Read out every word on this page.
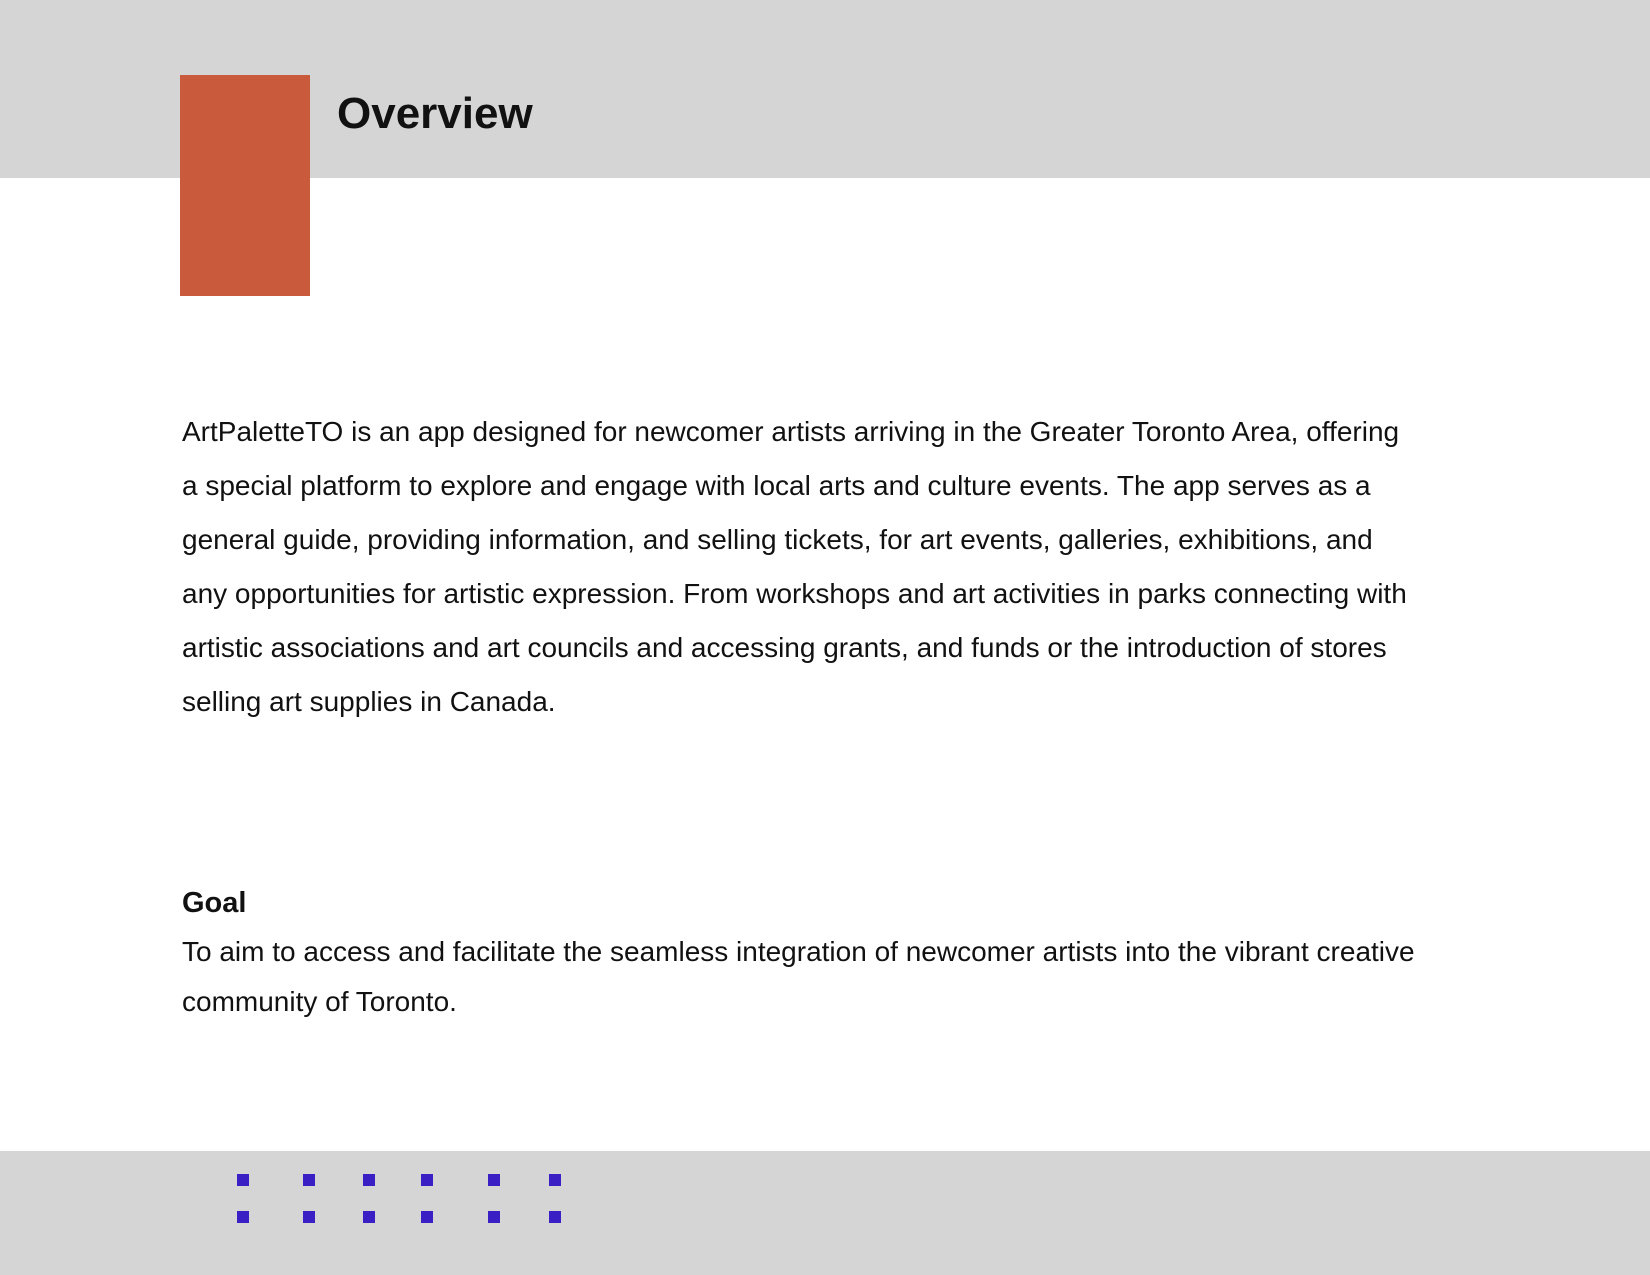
Overview

ArtPaletteTO is an app designed for newcomer artists arriving in the Greater Toronto Area, offering
a special platform to explore and engage with local arts and culture events. The app serves as a
general guide, providing information, and selling tickets, for art events, galleries, exhibitions, and
any opportunities for artistic expression. From workshops and art activities in parks connecting with
artistic associations and art councils and accessing grants, and funds or the introduction of stores
selling art supplies in Canada.

Goal

To aim to access and facilitate the seamless integration of newcomer artists into the vibrant creative
community of Toronto.
